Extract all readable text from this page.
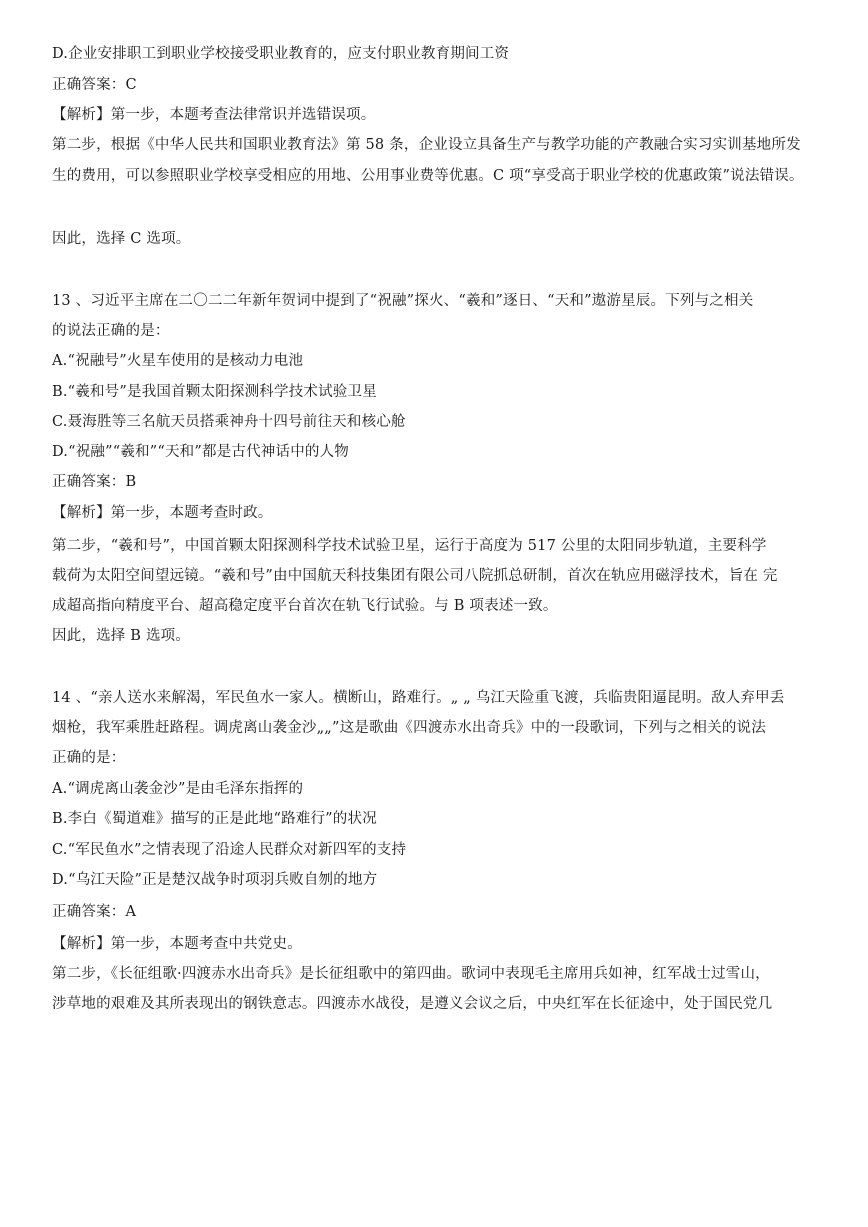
D.企业安排职工到职业学校接受职业教育的，应支付职业教育期间工资
正确答案：C
【解析】第一步，本题考查法律常识并选错误项。
第二步，根据《中华人民共和国职业教育法》第 58 条，企业设立具备生产与教学功能的产教融合实习实训基地所发
生的费用，可以参照职业学校享受相应的用地、公用事业费等优惠。C 项“享受高于职业学校的优惠政策”说法错误。
因此，选择 C 选项。
13 、习近平主席在二〇二二年新年贺词中提到了“祝融”探火、“羲和”逐日、“天和”遨游星辰。下列与之相关
的说法正确的是：
A.“祝融号”火星车使用的是核动力电池
B.“羲和号”是我国首颗太阳探测科学技术试验卫星
C.聂海胜等三名航天员搭乘神舟十四号前往天和核心舱
D.“祝融”“羲和”“天和”都是古代神话中的人物
正确答案：B
【解析】第一步，本题考查时政。
第二步，“羲和号”，中国首颗太阳探测科学技术试验卫星，运行于高度为 517 公里的太阳同步轨道，主要科学
载荷为太阳空间望远镜。“羲和号”由中国航天科技集团有限公司八院抓总研制，首次在轨应用磁浮技术，旨在 完
成超高指向精度平台、超高稳定度平台首次在轨飞行试验。与 B 项表述一致。
因此，选择 B 选项。
14 、“亲人送水来解渴，军民鱼水一家人。横断山，路难行。„ „ 乌江天险重飞渡，兵临贵阳逼昆明。敌人弃甲丢
烟枪，我军乘胜赶路程。调虎离山袭金沙„„”这是歌曲《四渡赤水出奇兵》中的一段歌词，下列与之相关的说法
正确的是：
A.“调虎离山袭金沙”是由毛泽东指挥的
B.李白《蜀道难》描写的正是此地“路难行”的状况
C.“军民鱼水”之情表现了沿途人民群众对新四军的支持
D.“乌江天险”正是楚汉战争时项羽兵败自刎的地方
正确答案：A
【解析】第一步，本题考查中共党史。
第二步，《长征组歌·四渡赤水出奇兵》是长征组歌中的第四曲。歌词中表现毛主席用兵如神，红军战士过雪山，
涉草地的艰难及其所表现出的钢铁意志。四渡赤水战役，是遵义会议之后，中央红军在长征途中，处于国民党几
